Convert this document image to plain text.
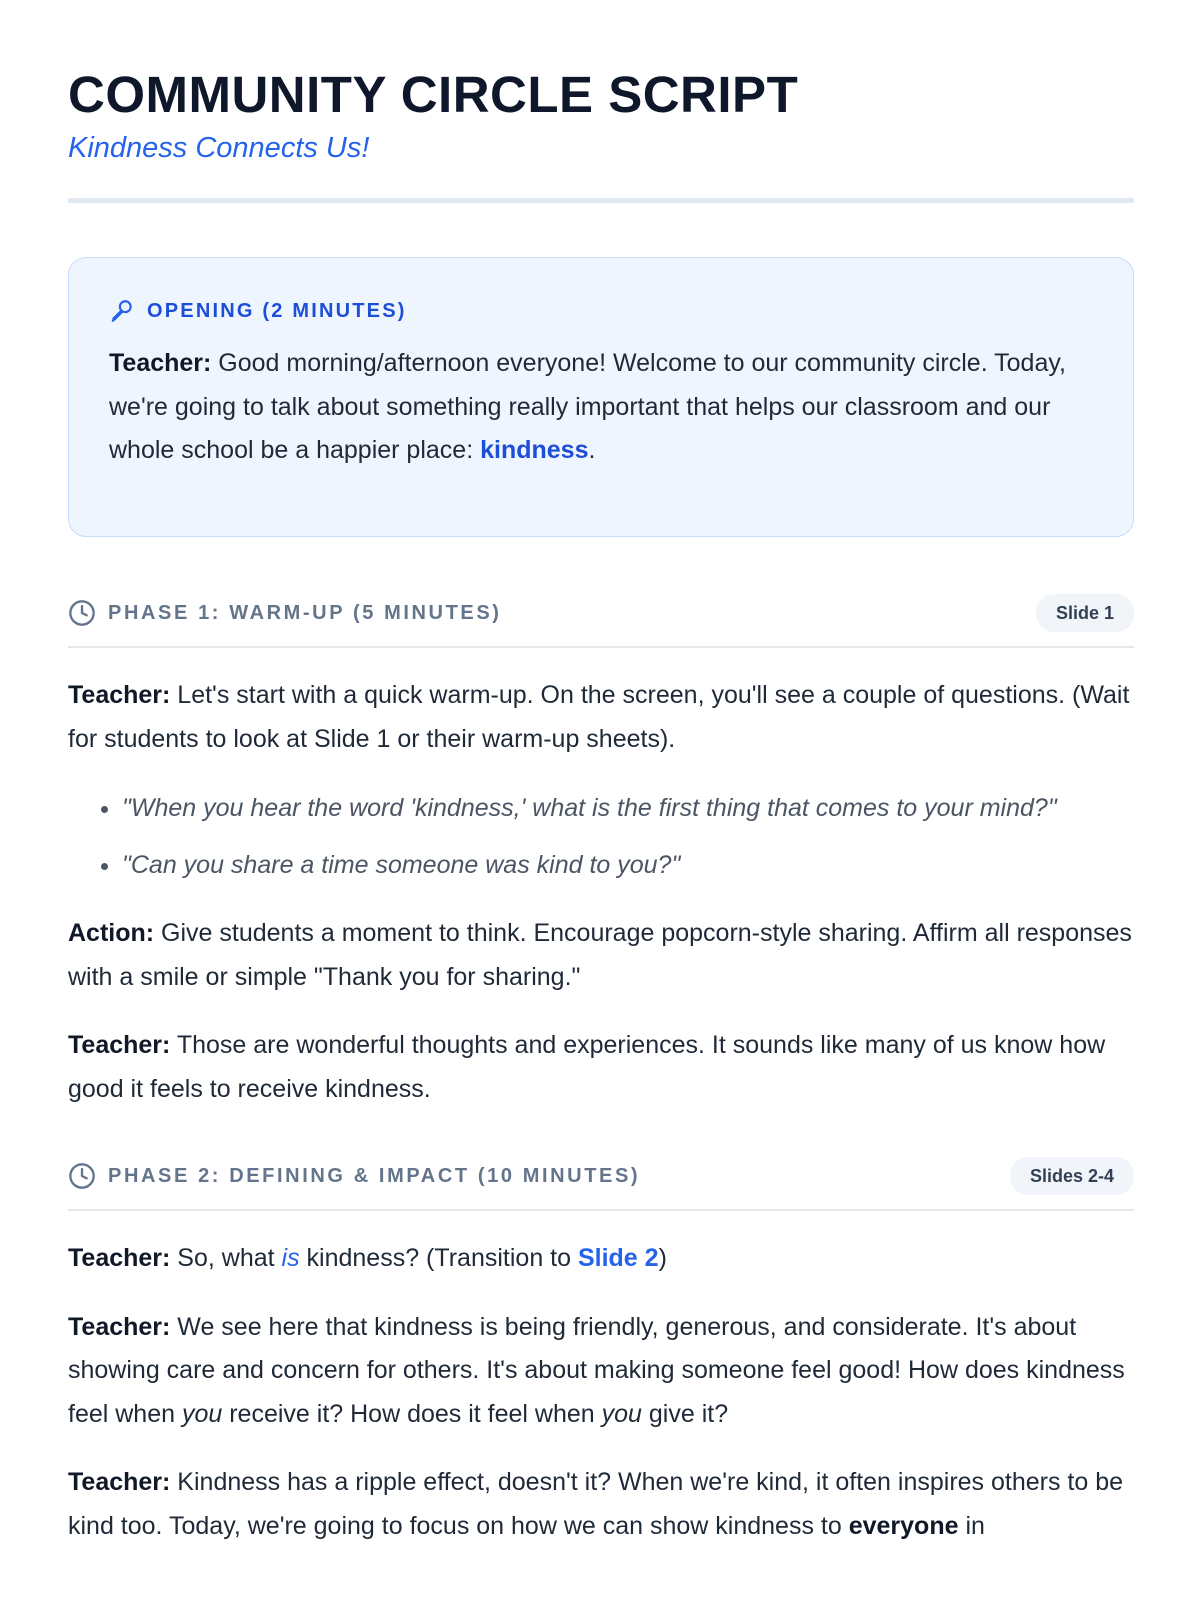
COMMUNITY CIRCLE SCRIPT
Kindness Connects Us!
OPENING (2 MINUTES)

Teacher: Good morning/afternoon everyone! Welcome to our community circle. Today, we're going to talk about something really important that helps our classroom and our whole school be a happier place: kindness.

PHASE 1: WARM-UP (5 MINUTES)	Slide 1

Teacher: Let's start with a quick warm-up. On the screen, you'll see a couple of questions. (Wait for students to look at Slide 1 or their warm-up sheets).

• "When you hear the word 'kindness,' what is the first thing that comes to your mind?"
• "Can you share a time someone was kind to you?"

Action: Give students a moment to think. Encourage popcorn-style sharing. Affirm all responses with a smile or simple "Thank you for sharing."

Teacher: Those are wonderful thoughts and experiences. It sounds like many of us know how good it feels to receive kindness.

PHASE 2: DEFINING & IMPACT (10 MINUTES)	Slides 2-4

Teacher: So, what is kindness? (Transition to Slide 2)

Teacher: We see here that kindness is being friendly, generous, and considerate. It's about showing care and concern for others. It's about making someone feel good! How does kindness feel when you receive it? How does it feel when you give it?

Teacher: Kindness has a ripple effect, doesn't it? When we're kind, it often inspires others to be kind too. Today, we're going to focus on how we can show kindness to everyone in
